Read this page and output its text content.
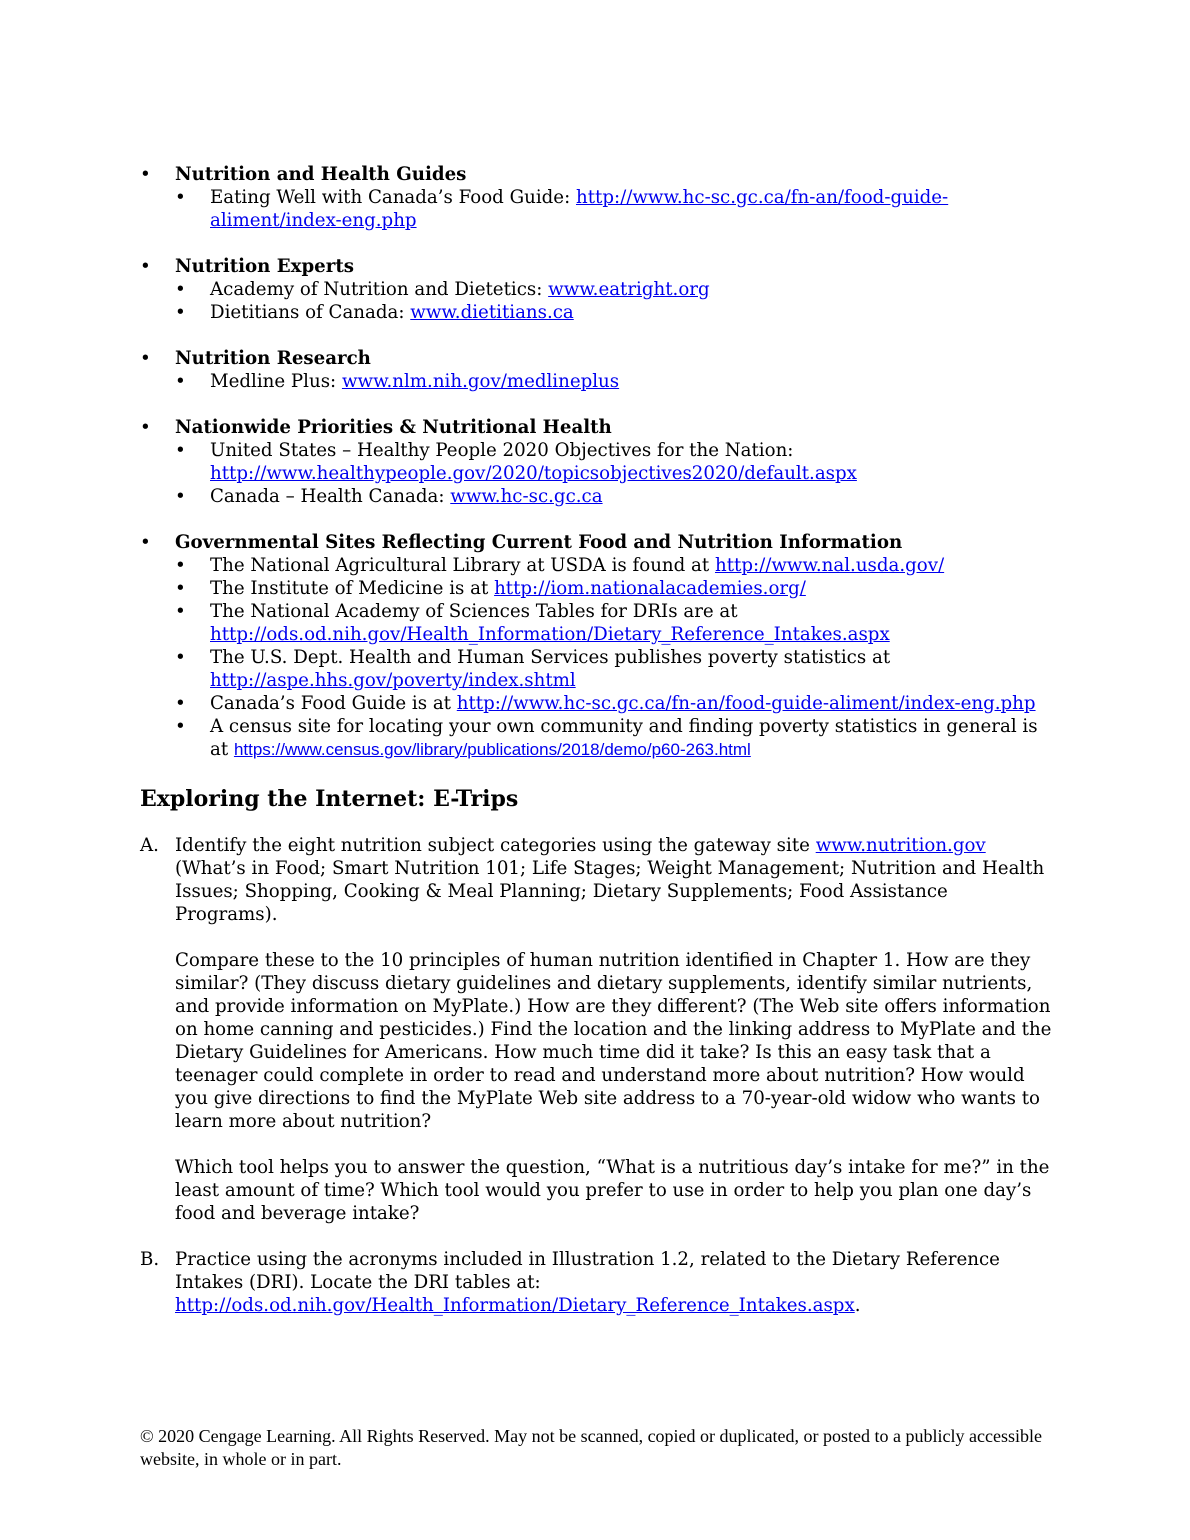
• Nutrition and Health Guides
• Eating Well with Canada’s Food Guide: http://www.hc-sc.gc.ca/fn-an/food-guide-aliment/index-eng.php
• Nutrition Experts
• Academy of Nutrition and Dietetics: www.eatright.org
• Dietitians of Canada: www.dietitians.ca
• Nutrition Research
• Medline Plus: www.nlm.nih.gov/medlineplus
• Nationwide Priorities & Nutritional Health
• United States – Healthy People 2020 Objectives for the Nation: http://www.healthypeople.gov/2020/topicsobjectives2020/default.aspx
• Canada – Health Canada: www.hc-sc.gc.ca
• Governmental Sites Reflecting Current Food and Nutrition Information
• The National Agricultural Library at USDA is found at http://www.nal.usda.gov/
• The Institute of Medicine is at http://iom.nationalacademies.org/
• The National Academy of Sciences Tables for DRIs are at http://ods.od.nih.gov/Health_Information/Dietary_Reference_Intakes.aspx
• The U.S. Dept. Health and Human Services publishes poverty statistics at http://aspe.hhs.gov/poverty/index.shtml
• Canada’s Food Guide is at http://www.hc-sc.gc.ca/fn-an/food-guide-aliment/index-eng.php
• A census site for locating your own community and finding poverty statistics in general is at https://www.census.gov/library/publications/2018/demo/p60-263.html
Exploring the Internet: E-Trips
A. Identify the eight nutrition subject categories using the gateway site www.nutrition.gov (What’s in Food; Smart Nutrition 101; Life Stages; Weight Management; Nutrition and Health Issues; Shopping, Cooking & Meal Planning; Dietary Supplements; Food Assistance Programs).
Compare these to the 10 principles of human nutrition identified in Chapter 1. How are they similar? (They discuss dietary guidelines and dietary supplements, identify similar nutrients, and provide information on MyPlate.) How are they different? (The Web site offers information on home canning and pesticides.) Find the location and the linking address to MyPlate and the Dietary Guidelines for Americans. How much time did it take? Is this an easy task that a teenager could complete in order to read and understand more about nutrition? How would you give directions to find the MyPlate Web site address to a 70-year-old widow who wants to learn more about nutrition?
Which tool helps you to answer the question, “What is a nutritious day’s intake for me?” in the least amount of time? Which tool would you prefer to use in order to help you plan one day’s food and beverage intake?
B. Practice using the acronyms included in Illustration 1.2, related to the Dietary Reference Intakes (DRI). Locate the DRI tables at: http://ods.od.nih.gov/Health_Information/Dietary_Reference_Intakes.aspx.
© 2020 Cengage Learning. All Rights Reserved. May not be scanned, copied or duplicated, or posted to a publicly accessible website, in whole or in part.
